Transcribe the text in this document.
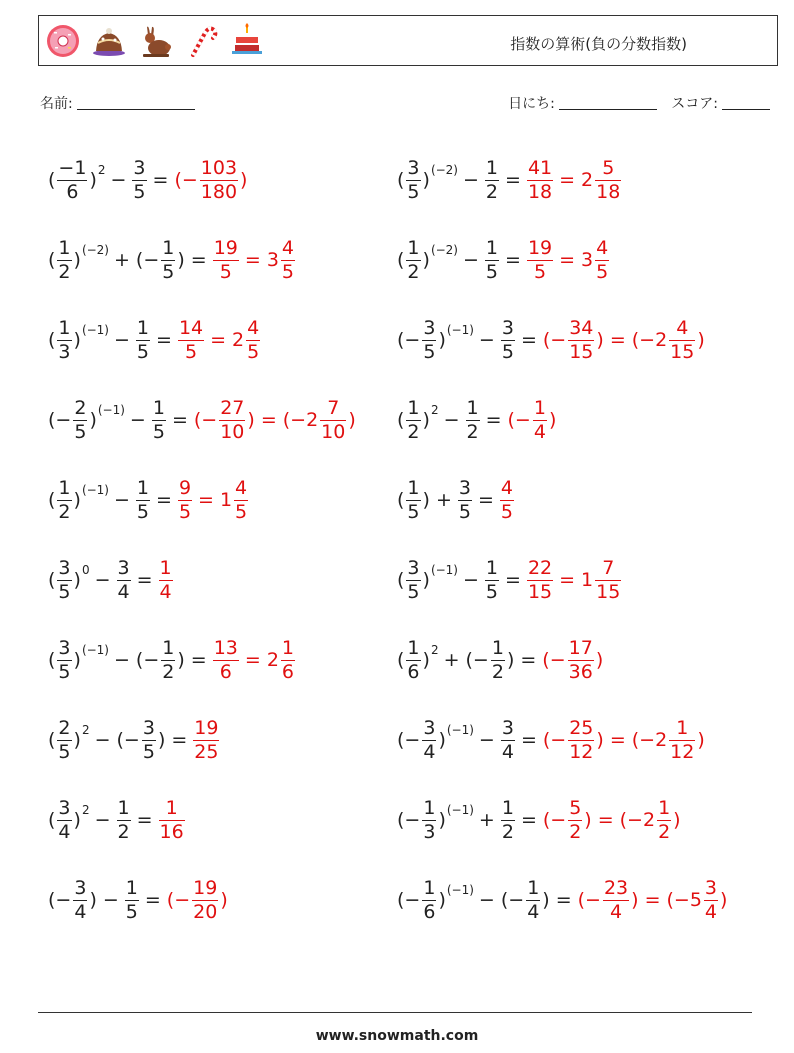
指数の算術(負の分数指数)
名前:	日にち:	スコア:
( $\frac{-1}{6}$ ) $2 - \frac{3}{5}$ = (− $\frac{103}{180}$ )
( $\frac{1}{2}$ ) (−2) + (− $\frac{1}{5}$ ) = $\frac{19}{5} = 3 \frac{4}{5}$
( $\frac{1}{3}$ ) $(-1) - \frac{1}{5} = \frac{14}{5} = 2 \frac{4}{5}$
(− $\frac{2}{5}$ ) $(-1) - \frac{1}{5}$ = (− $\frac{27}{10}$ ) = ($-2 \frac{7}{10}$ )
( $\frac{1}{2}$ ) $(-1) - \frac{1}{5} = \frac{9}{5} = 1 \frac{4}{5}$
( $\frac{3}{5}$ ) $0 - \frac{3}{4} = \frac{1}{4}$
( $\frac{3}{5}$ ) (−1) − (− $\frac{1}{2}$ ) = $\frac{13}{6} = 2 \frac{1}{6}$
( $\frac{2}{5}$ ) 2 − (− $\frac{3}{5}$ ) = $\frac{19}{25}$
( $\frac{3}{4}$ ) $2 - \frac{1}{2} = \frac{1}{16}$
(− $\frac{3}{4}$ ) − $\frac{1}{5}$ = (− $\frac{19}{20}$ )
( $\frac{3}{5}$ ) $(-2) - \frac{1}{2} = \frac{41}{18} = 2 \frac{5}{18}$
( $\frac{1}{2}$ ) $(-2) - \frac{1}{5} = \frac{19}{5} = 3 \frac{4}{5}$
(− $\frac{3}{5}$ ) $(-1) - \frac{3}{5}$ = (− $\frac{34}{15}$ ) = ($-2 \frac{4}{15}$ )
( $\frac{1}{2}$ ) $2 - \frac{1}{2}$ = (− $\frac{1}{4}$ )
( $\frac{1}{5}$ ) + $\frac{3}{5} = \frac{4}{5}$
( $\frac{3}{5}$ ) $(-1) - \frac{1}{5} = \frac{22}{15} = 1 \frac{7}{15}$
( $\frac{1}{6}$ ) 2 + (− $\frac{1}{2}$ ) = (− $\frac{17}{36}$ )
(− $\frac{3}{4}$ ) $(-1) - \frac{3}{4}$ = (− $\frac{25}{12}$ ) = ($-2 \frac{1}{12}$ )
(− $\frac{1}{3}$ ) $(-1) + \frac{1}{2}$ = (− $\frac{5}{2}$ ) = ($-2 \frac{1}{2}$ )
(− $\frac{1}{6}$ ) (−1) − (− $\frac{1}{4}$ ) = (− $\frac{23}{4}$ ) = ($-5 \frac{3}{4}$ )
www.snowmath.com
